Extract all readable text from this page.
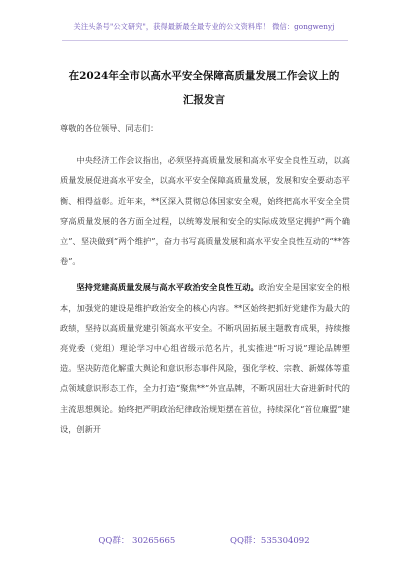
关注头条号"公文研究"，获得最新最全最专业的公文资料库！ 微信：gongwenyj
在2024年全市以高水平安全保障高质量发展工作会议上的
汇报发言

尊敬的各位领导、同志们：

中央经济工作会议指出，必须坚持高质量发展和高水平安全良性互动，以高质量发展促进高水平安全，以高水平安全保障高质量发展，发展和安全要动态平衡、相得益彰。近年来，**区深入贯彻总体国家安全观，始终把高水平安全全贯穿高质量发展的各方面全过程，以统筹发展和安全的实际成效坚定拥护“两个确立”、坚决做到“两个维护”，奋力书写高质量发展和高水平安全良性互动的“**答卷”。

坚持党建高质量发展与高水平政治安全良性互动。政治安全是国家安全的根本，加强党的建设是维护政治安全的核心内容。**区始终把抓好党建作为最大的政绩，坚持以高质量党建引领高水平安全。不断巩固拓展主题教育成果，持续擦亮党委（党组）理论学习中心组省级示范名片，扎实推进“听习说”理论品牌塑造。坚决防范化解重大舆论和意识形态事件风险，强化学校、宗教、新媒体等重点领域意识形态工作，全力打造“聚焦**”外宣品牌，不断巩固壮大奋进新时代的主流思想舆论。始终把严明政治纪律政治规矩摆在首位，持续深化“首位廉盟”建设，创新开

QQ群： 30265665	QQ群：535304092
